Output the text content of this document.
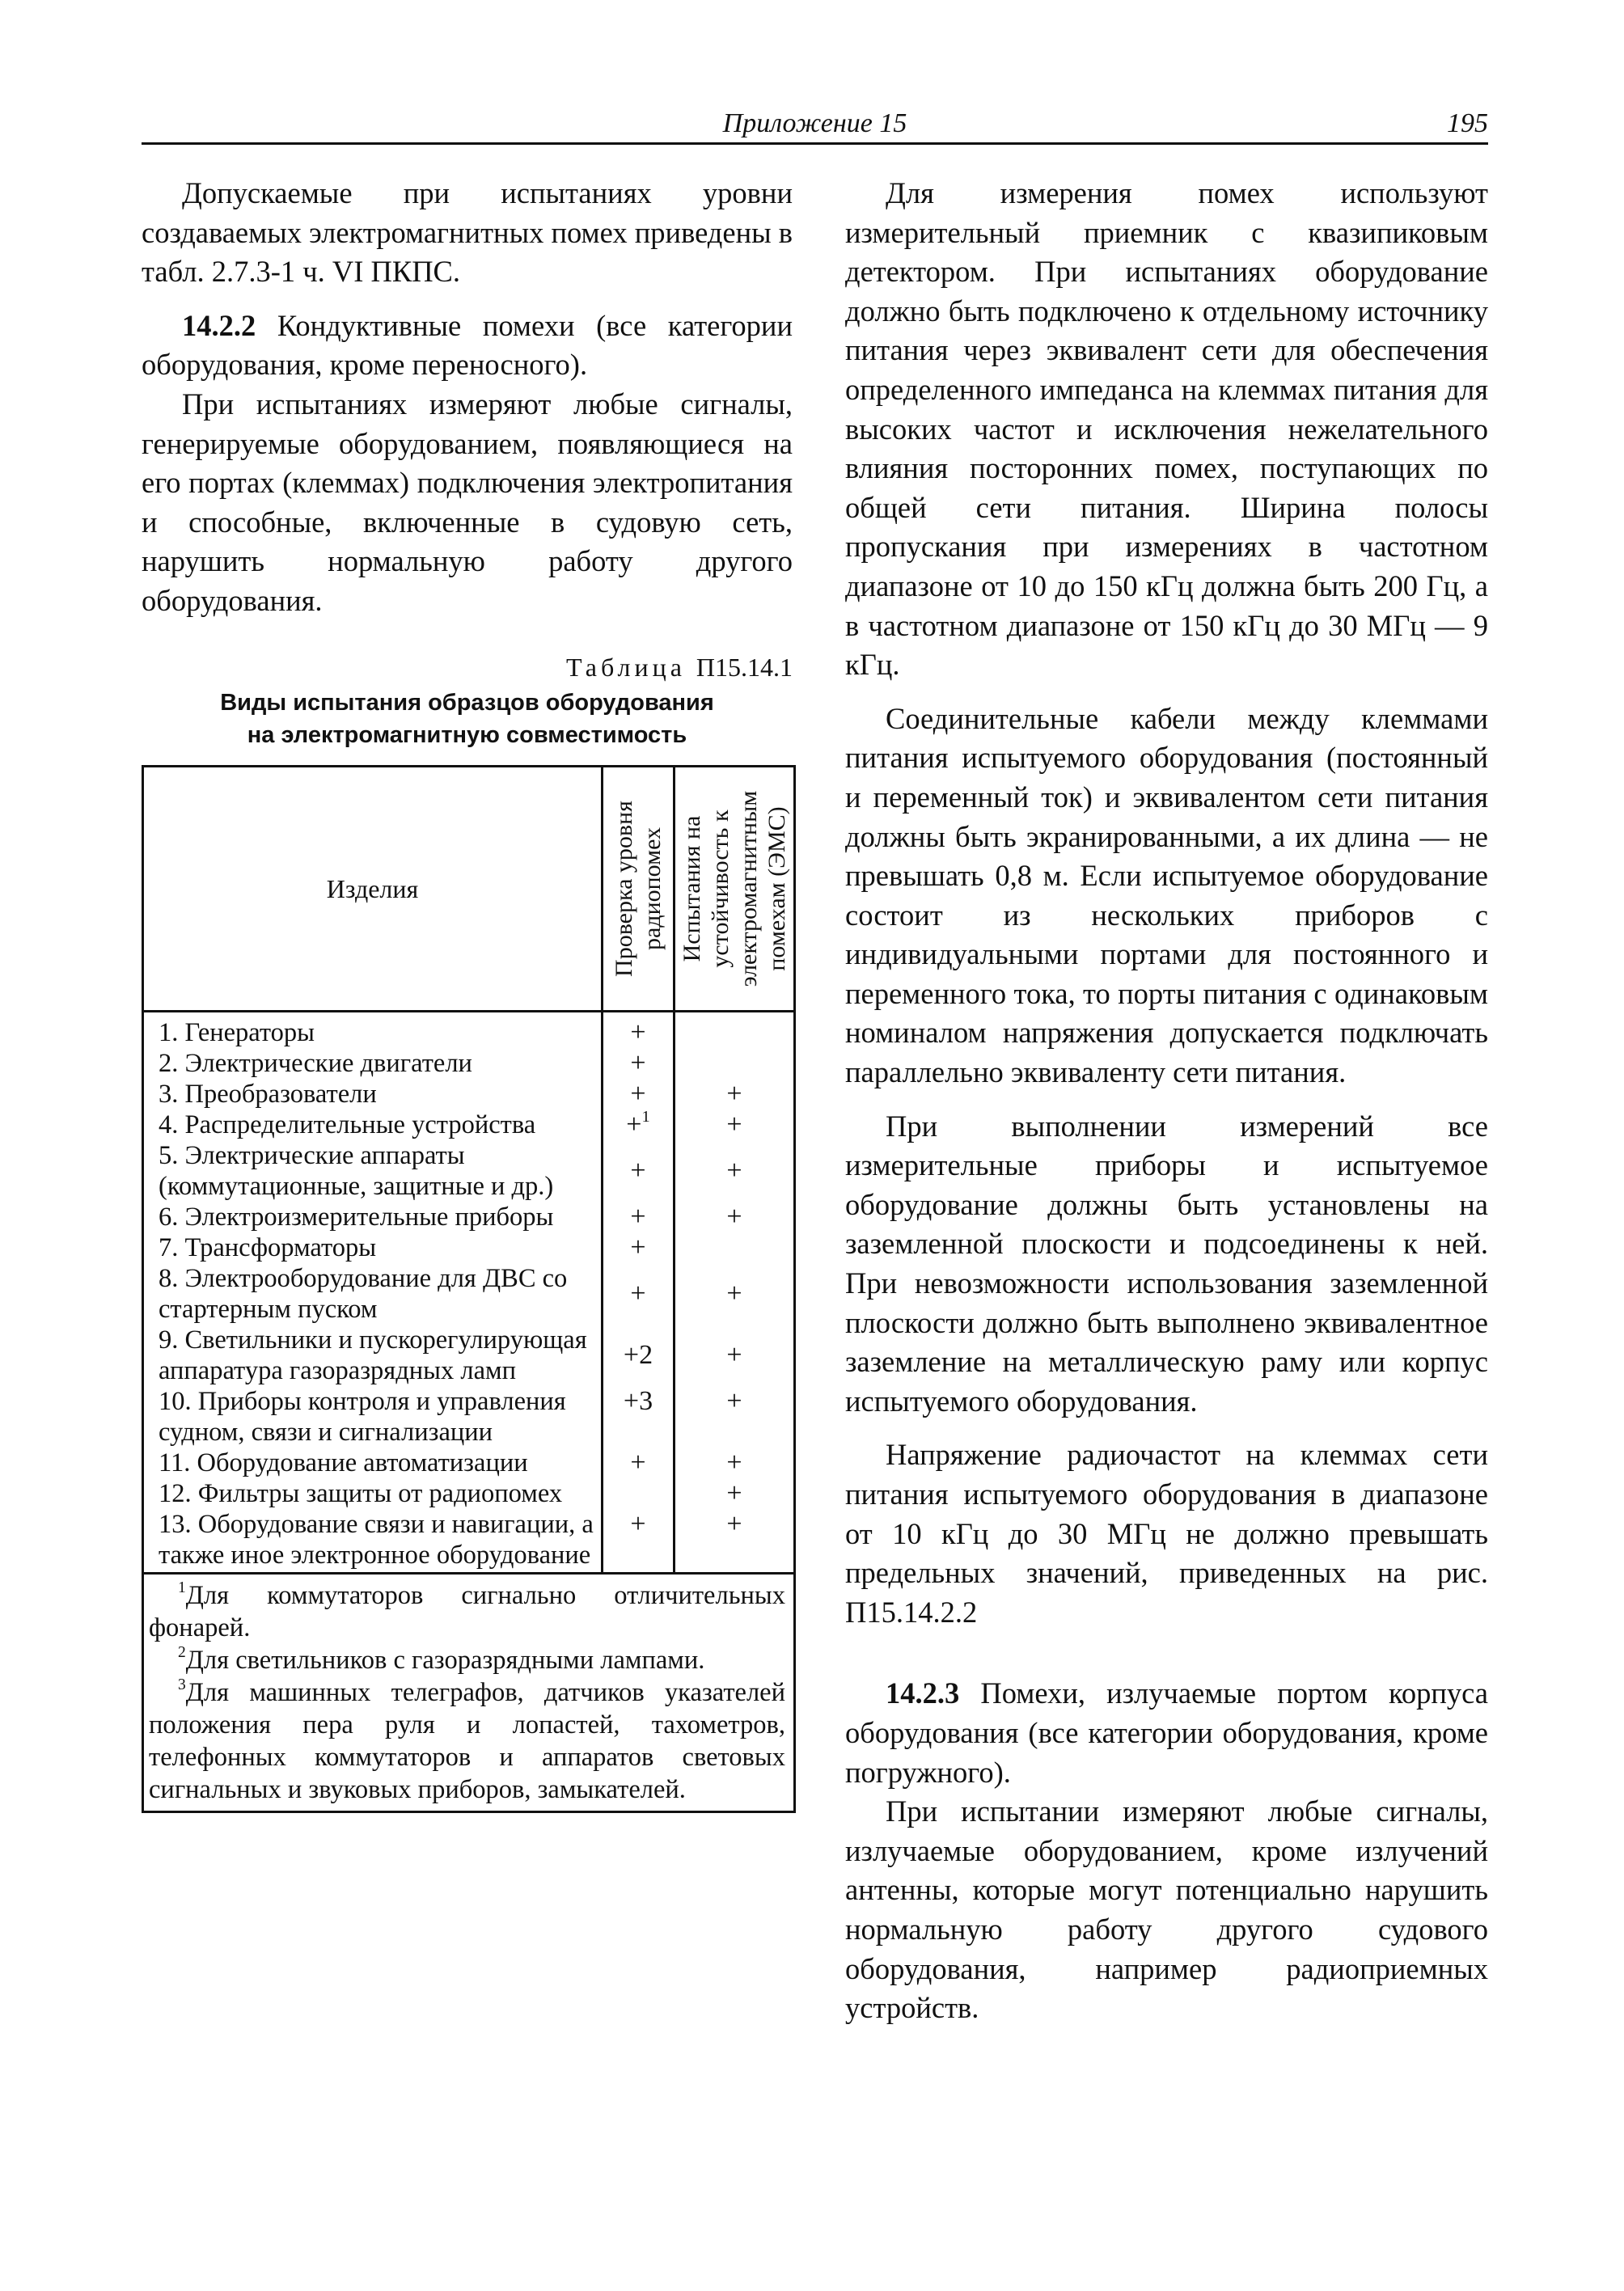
Приложение 15	195

Допускаемые при испытаниях уровни создаваемых электромагнитных помех приведены в табл. 2.7.3-1 ч. VI ПКПС.

14.2.2 Кондуктивные помехи (все категории оборудования, кроме переносного).

При испытаниях измеряют любые сигналы, генерируемые оборудованием, появляющиеся на его портах (клеммах) подключения электропитания и способные, включенные в судовую сеть, нарушить нормальную работу другого оборудования.

Таблица П15.14.1
Виды испытания образцов оборудования
на электромагнитную совместимость
Изделия	Проверка уровня радиопомех	Испытания на устойчивость к электромагнитным помехам (ЭМС)

1. Генераторы	+	
2. Электрические двигатели	+	
3. Преобразователи	+	+
4. Распределительные устройства	+$^1$	+
5. Электрические аппараты (коммутационные, защитные и др.)	+	+
6. Электроизмерительные приборы	+	+
7. Трансформаторы	+	
8. Электрооборудование для ДВС со стартерным пуском	+	+
9. Светильники и пускорегулирующая аппаратура газоразрядных ламп	+2	+
10. Приборы контроля и управления судном, связи и сигнализации	+3	+
11. Оборудование автоматизации	+	+
12. Фильтры защиты от радиопомех		+
13. Оборудование связи и навигации, а также иное электронное оборудование	+	+

$^1$Для коммутаторов сигнально отличительных фонарей.

$^2$Для светильников с газоразрядными лампами.

$^3$Для машинных телеграфов, датчиков указателей положения пера руля и лопастей, тахометров, телефонных коммутаторов и аппаратов световых сигнальных и звуковых приборов, замыкателей.		

Для измерения помех используют измерительный приемник с квазипиковым детектором. При испытаниях оборудование должно быть подключено к отдельному источнику питания через эквивалент сети для обеспечения определенного импеданса на клеммах питания для высоких частот и исключения нежелательного влияния посторонних помех, поступающих по общей сети питания. Ширина полосы пропускания при измерениях в частотном диапазоне от 10 до 150 кГц должна быть 200 Гц, а в частотном диапазоне от 150 кГц до 30 МГц — 9 кГц.

Соединительные кабели между клеммами питания испытуемого оборудования (постоянный и переменный ток) и эквивалентом сети питания должны быть экранированными, а их длина — не превышать 0,8 м. Если испытуемое оборудование состоит из нескольких приборов с индивидуальными портами для постоянного и переменного тока, то порты питания с одинаковым номиналом напряжения допускается подключать параллельно эквиваленту сети питания.

При выполнении измерений все измерительные приборы и испытуемое оборудование должны быть установлены на заземленной плоскости и подсоединены к ней. При невозможности использования заземленной плоскости должно быть выполнено эквивалентное заземление на металлическую раму или корпус испытуемого оборудования.

Напряжение радиочастот на клеммах сети питания испытуемого оборудования в диапазоне от 10 кГц до 30 МГц не должно превышать предельных значений, приведенных на рис. П15.14.2.2

14.2.3 Помехи, излучаемые портом корпуса оборудования (все категории оборудования, кроме погружного).

При испытании измеряют любые сигналы, излучаемые оборудованием, кроме излучений антенны, которые могут потенциально нарушить нормальную работу другого судового оборудования, например радиоприемных устройств.
